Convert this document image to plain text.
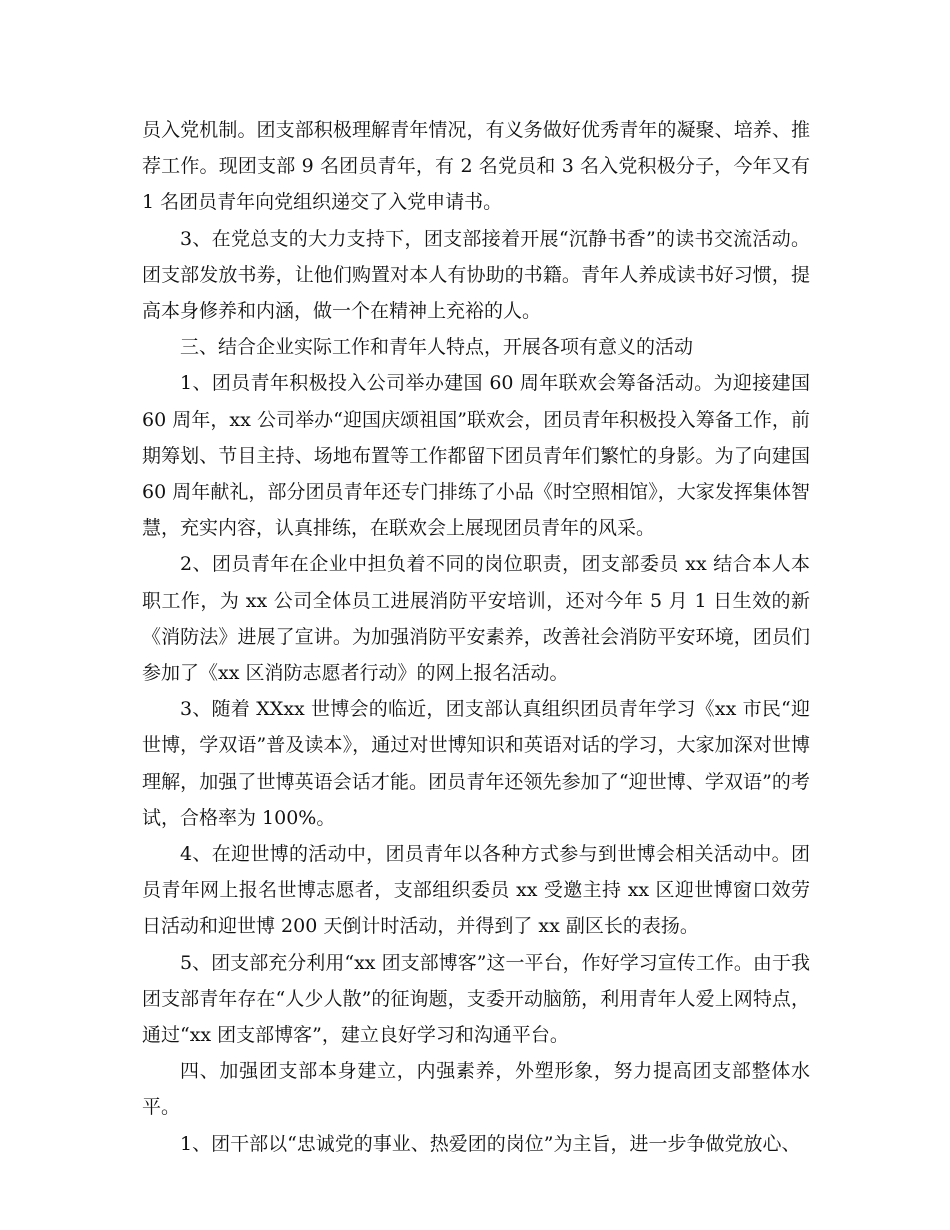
员入党机制。团支部积极理解青年情况，有义务做好优秀青年的凝聚、培养、推荐工作。现团支部 9 名团员青年，有 2 名党员和 3 名入党积极分子，今年又有 1 名团员青年向党组织递交了入党申请书。

3、在党总支的大力支持下，团支部接着开展“沉静书香”的读书交流活动。团支部发放书劵，让他们购置对本人有协助的书籍。青年人养成读书好习惯，提高本身修养和内涵，做一个在精神上充裕的人。

三、结合企业实际工作和青年人特点，开展各项有意义的活动

1、团员青年积极投入公司举办建国 60 周年联欢会筹备活动。为迎接建国 60 周年，xx 公司举办“迎国庆颂祖国”联欢会，团员青年积极投入筹备工作，前期筹划、节目主持、场地布置等工作都留下团员青年们繁忙的身影。为了向建国 60 周年献礼，部分团员青年还专门排练了小品《时空照相馆》，大家发挥集体智慧，充实内容，认真排练，在联欢会上展现团员青年的风采。

2、团员青年在企业中担负着不同的岗位职责，团支部委员 xx 结合本人本职工作，为 xx 公司全体员工进展消防平安培训，还对今年 5 月 1 日生效的新《消防法》进展了宣讲。为加强消防平安素养，改善社会消防平安环境，团员们参加了《xx 区消防志愿者行动》的网上报名活动。

3、随着 XXxx 世博会的临近，团支部认真组织团员青年学习《xx 市民“迎世博，学双语”普及读本》，通过对世博知识和英语对话的学习，大家加深对世博理解，加强了世博英语会话才能。团员青年还领先参加了“迎世博、学双语”的考试，合格率为 100%。

4、在迎世博的活动中，团员青年以各种方式参与到世博会相关活动中。团员青年网上报名世博志愿者，支部组织委员 xx 受邀主持 xx 区迎世博窗口效劳日活动和迎世博 200 天倒计时活动，并得到了 xx 副区长的表扬。

5、团支部充分利用“xx 团支部博客”这一平台，作好学习宣传工作。由于我团支部青年存在“人少人散”的征询题，支委开动脑筋，利用青年人爱上网特点，通过“xx 团支部博客”，建立良好学习和沟通平台。

四、加强团支部本身建立，内强素养，外塑形象，努力提高团支部整体水平。

1、团干部以“忠诚党的事业、热爱团的岗位”为主旨，进一步争做党放心、
